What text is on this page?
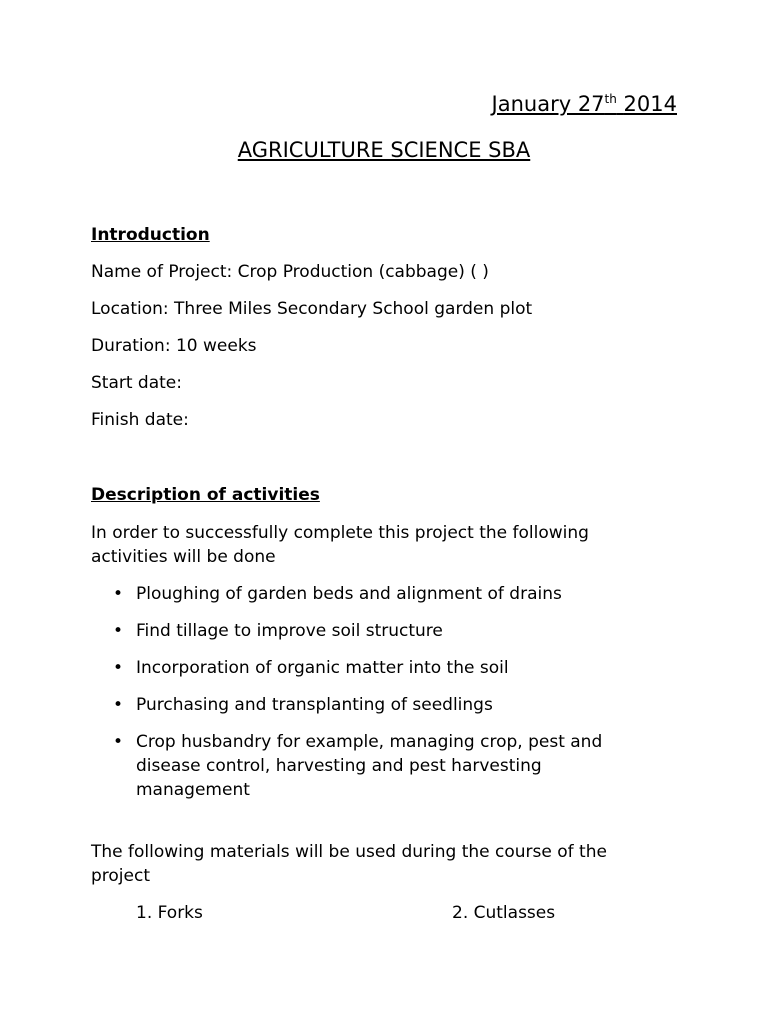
January 27th 2014
AGRICULTURE SCIENCE SBA
Introduction
Name of Project: Crop Production (cabbage) ( )
Location: Three Miles Secondary School garden plot
Duration: 10 weeks
Start date:
Finish date:
Description of activities
In order to successfully complete this project the following activities will be done
• Ploughing of garden beds and alignment of drains
• Find tillage to improve soil structure
• Incorporation of organic matter into the soil
• Purchasing and transplanting of seedlings
• Crop husbandry for example, managing crop, pest and disease control, harvesting and pest harvesting management
The following materials will be used during the course of the project
1. Forks	2. Cutlasses
